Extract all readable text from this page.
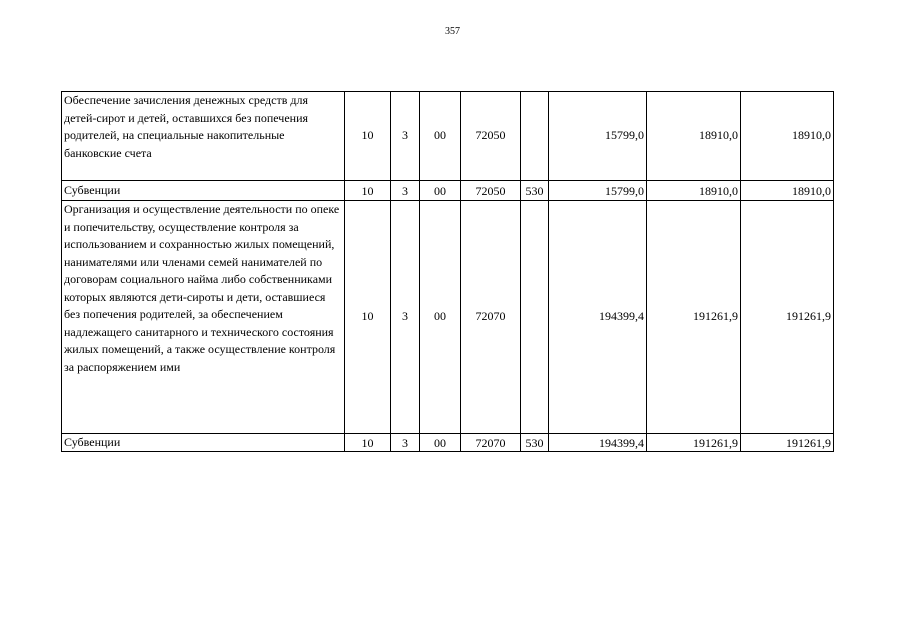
357
Обеспечение зачисления денежных средств для детей-сирот и детей, оставшихся без попечения родителей, на специальные накопительные банковские счета	10	3	00	72050		15799,0	18910,0	18910,0

Субвенции	10	3	00	72050	530	15799,0	18910,0	18910,0

Организация и осуществление деятельности по опеке и попечительству, осуществление контроля за использованием и сохранностью жилых помещений, нанимателями или членами семей нанимателей по договорам социального найма либо собственниками которых являются дети-сироты и дети, оставшиеся без попечения родителей, за обеспечением надлежащего санитарного и технического состояния жилых помещений, а также осуществление контроля за распоряжением ими	10	3	00	72070		194399,4	191261,9	191261,9

Субвенции	10	3	00	72070	530	194399,4	191261,9	191261,9
